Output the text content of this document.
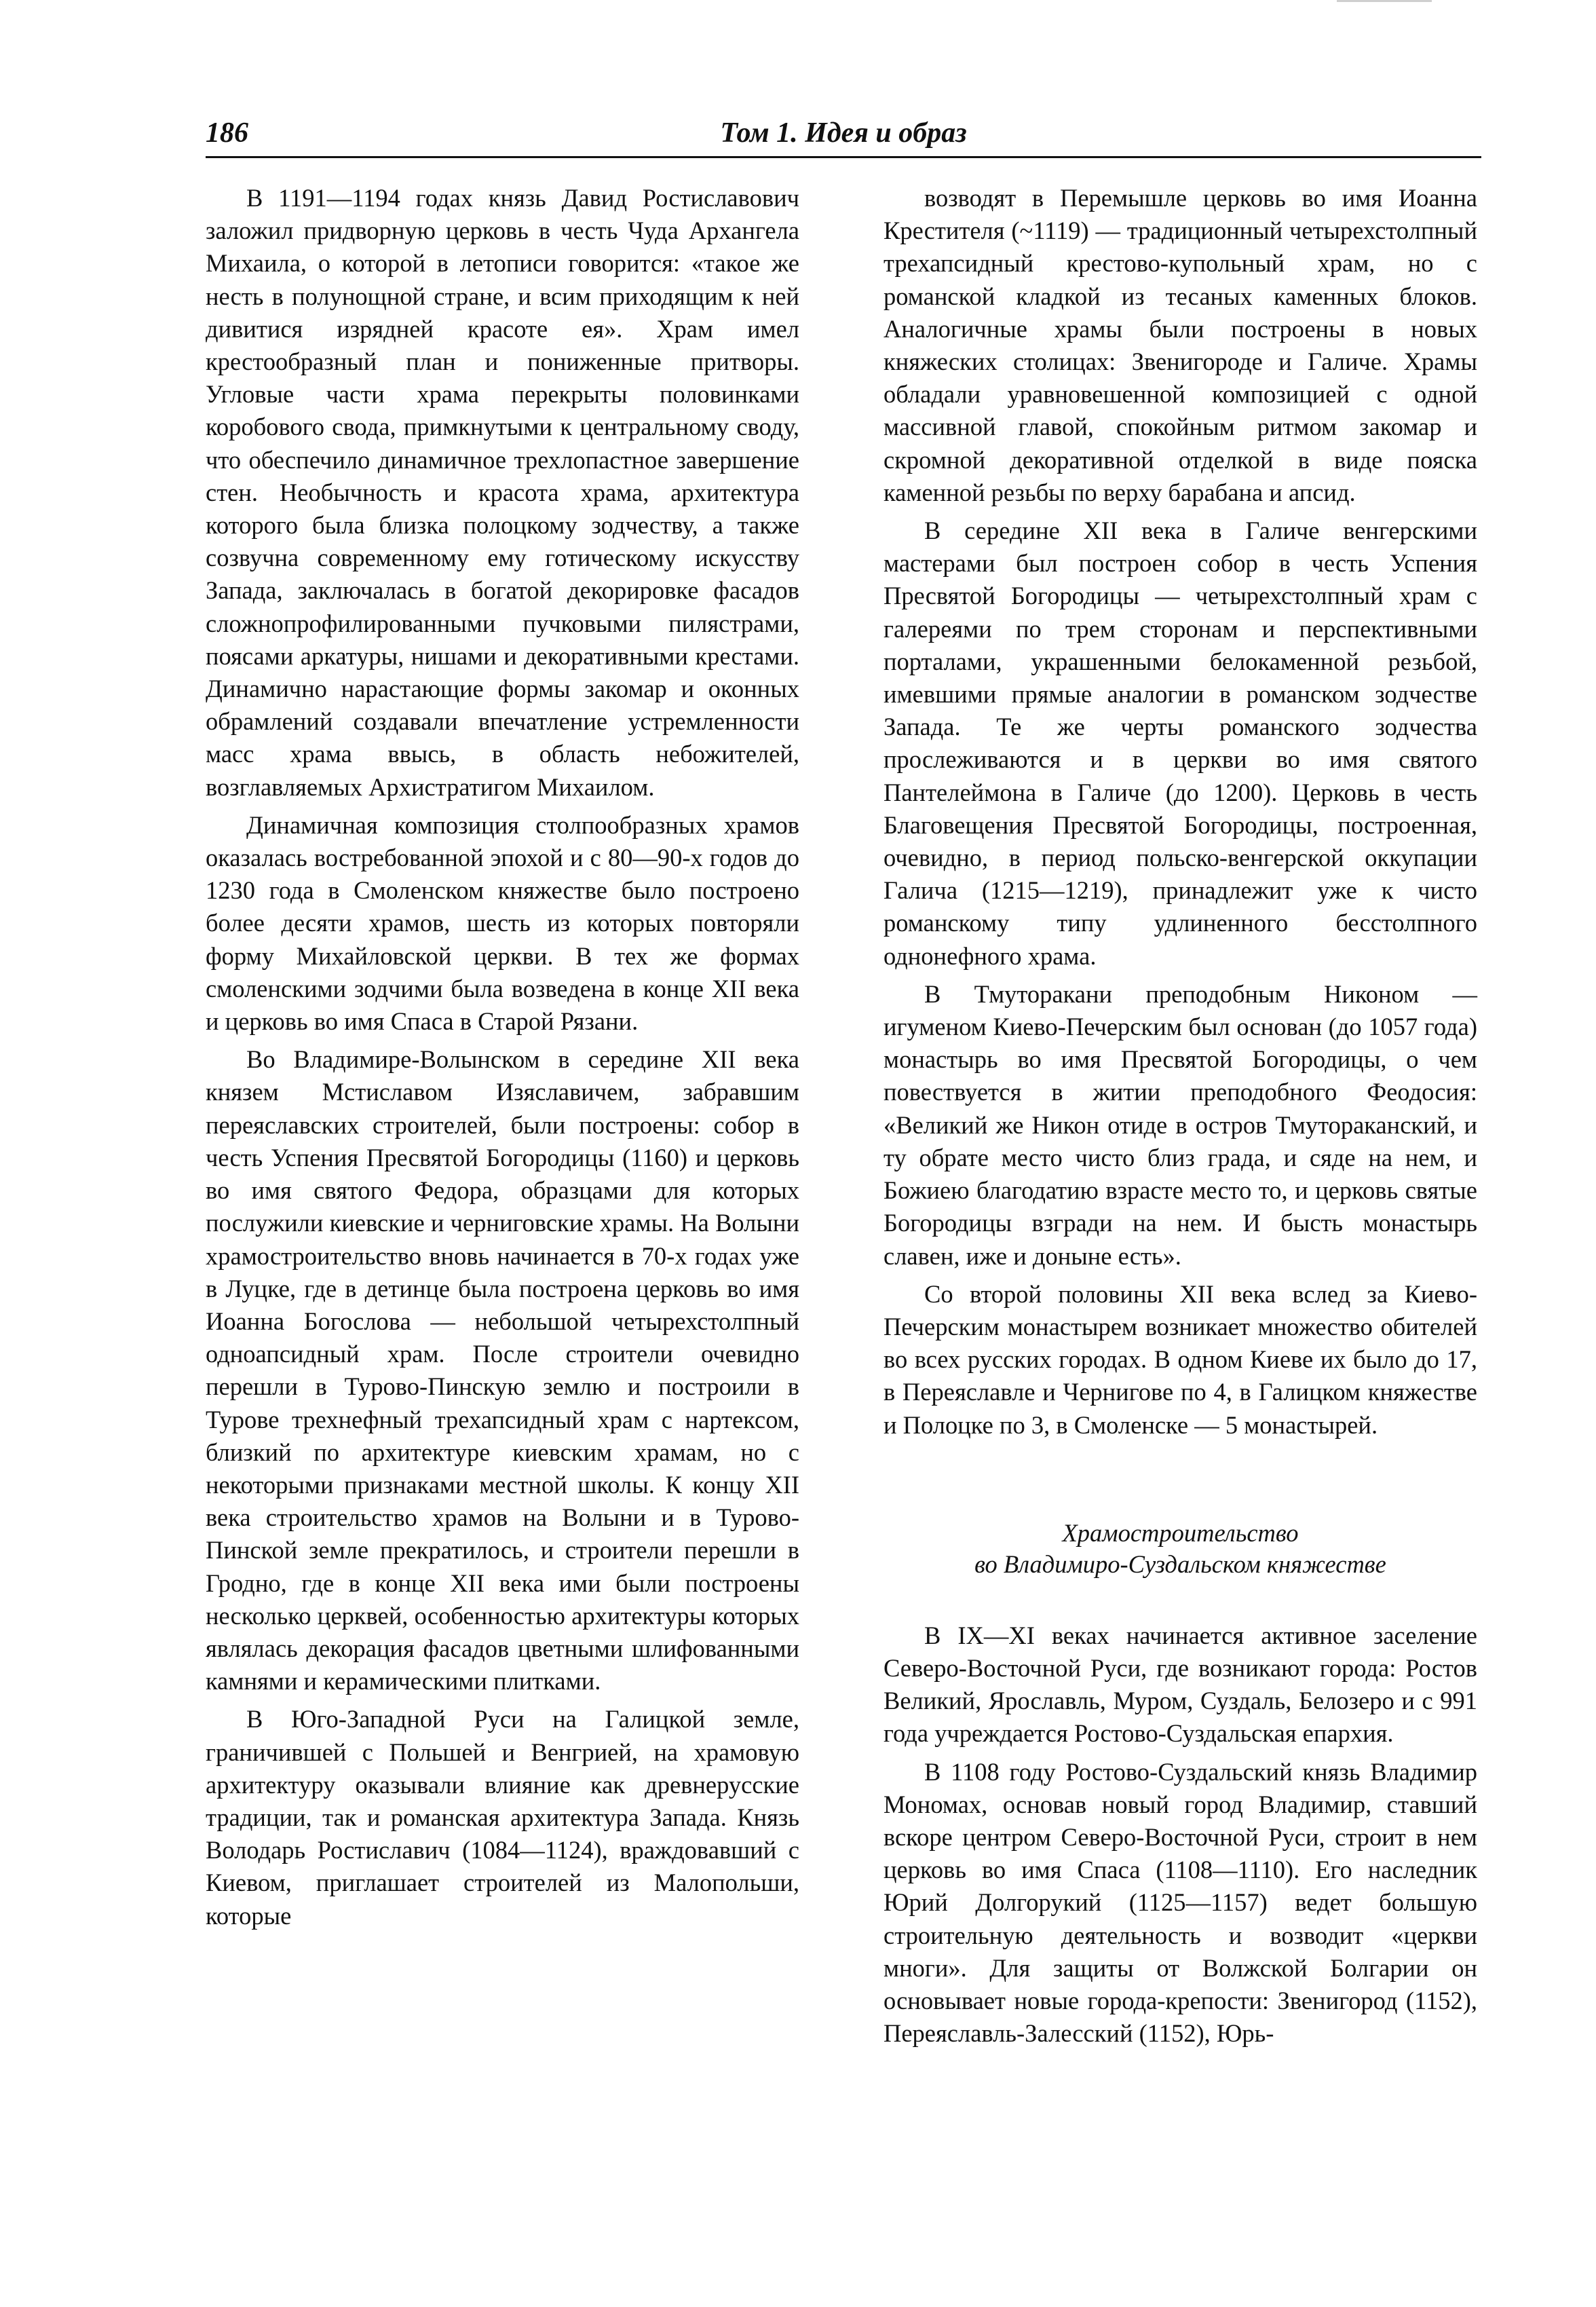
186	Том 1. Идея и образ

В 1191—1194 годах князь Давид Ростиславович заложил придворную церковь в честь Чуда Архангела Михаила, о которой в летописи говорится: «такое же несть в полунощной стране, и всим приходящим к ней дивитися изрядней красоте ея». Храм имел крестообразный план и пониженные притворы. Угловые части храма перекрыты половинками коробового свода, примкнутыми к центральному своду, что обеспечило динамичное трехлопастное завершение стен. Необычность и красота храма, архитектура которого была близка полоцкому зодчеству, а также созвучна современному ему готическому искусству Запада, заключалась в богатой декорировке фасадов сложнопрофилированными пучковыми пилястрами, поясами аркатуры, нишами и декоративными крестами. Динамично нарастающие формы закомар и оконных обрамлений создавали впечатление устремленности масс храма ввысь, в область небожителей, возглавляемых Архистратигом Михаилом.

Динамичная композиция столпообразных храмов оказалась востребованной эпохой и с 80—90-х годов до 1230 года в Смоленском княжестве было построено более десяти храмов, шесть из которых повторяли форму Михайловской церкви. В тех же формах смоленскими зодчими была возведена в конце XII века и церковь во имя Спаса в Старой Рязани.

Во Владимире-Волынском в середине XII века князем Мстиславом Изяславичем, забравшим переяславских строителей, были построены: собор в честь Успения Пресвятой Богородицы (1160) и церковь во имя святого Федора, образцами для которых послужили киевские и черниговские храмы. На Волыни храмостроительство вновь начинается в 70-х годах уже в Луцке, где в детинце была построена церковь во имя Иоанна Богослова — небольшой четырехстолпный одноапсидный храм. После строители очевидно перешли в Турово-Пинскую землю и построили в Турове трехнефный трехапсидный храм с нартексом, близкий по архитектуре киевским храмам, но с некоторыми признаками местной школы. К концу XII века строительство храмов на Волыни и в Турово-Пинской земле прекратилось, и строители перешли в Гродно, где в конце XII века ими были построены несколько церквей, особенностью архитектуры которых являлась декорация фасадов цветными шлифованными камнями и керамическими плитками.

В Юго-Западной Руси на Галицкой земле, граничившей с Польшей и Венгрией, на храмовую архитектуру оказывали влияние как древнерусские традиции, так и романская архитектура Запада. Князь Володарь Ростиславич (1084—1124), враждовавший с Киевом, приглашает строителей из Малопольши, которые

возводят в Перемышле церковь во имя Иоанна Крестителя (~1119) — традиционный четырехстолпный трехапсидный крестово-купольный храм, но с романской кладкой из тесаных каменных блоков. Аналогичные храмы были построены в новых княжеских столицах: Звенигороде и Галиче. Храмы обладали уравновешенной композицией с одной массивной главой, спокойным ритмом закомар и скромной декоративной отделкой в виде пояска каменной резьбы по верху барабана и апсид.

В середине XII века в Галиче венгерскими мастерами был построен собор в честь Успения Пресвятой Богородицы — четырехстолпный храм с галереями по трем сторонам и перспективными порталами, украшенными белокаменной резьбой, имевшими прямые аналогии в романском зодчестве Запада. Те же черты романского зодчества прослеживаются и в церкви во имя святого Пантелеймона в Галиче (до 1200). Церковь в честь Благовещения Пресвятой Богородицы, построенная, очевидно, в период польско-венгерской оккупации Галича (1215—1219), принадлежит уже к чисто романскому типу удлиненного бесстолпного однонефного храма.

В Тмуторакани преподобным Никоном — игуменом Киево-Печерским был основан (до 1057 года) монастырь во имя Пресвятой Богородицы, о чем повествуется в житии преподобного Феодосия: «Великий же Никон отиде в остров Тмутораканский, и ту обрате место чисто близ града, и сяде на нем, и Божиею благодатию взрасте место то, и церковь святые Богородицы взгради на нем. И бысть монастырь славен, иже и доныне есть».

Со второй половины XII века вслед за Киево-Печерским монастырем возникает множество обителей во всех русских городах. В одном Киеве их было до 17, в Переяславле и Чернигове по 4, в Галицком княжестве и Полоцке по 3, в Смоленске — 5 монастырей.

Храмостроительство
во Владимиро-Суздальском княжестве

В IX—XI веках начинается активное заселение Северо-Восточной Руси, где возникают города: Ростов Великий, Ярославль, Муром, Суздаль, Белозеро и с 991 года учреждается Ростово-Суздальская епархия.

В 1108 году Ростово-Суздальский князь Владимир Мономах, основав новый город Владимир, ставший вскоре центром Северо-Восточной Руси, строит в нем церковь во имя Спаса (1108—1110). Его наследник Юрий Долгорукий (1125—1157) ведет большую строительную деятельность и возводит «церкви многи». Для защиты от Волжской Болгарии он основывает новые города-крепости: Звенигород (1152), Переяславль-Залесский (1152), Юрь-
